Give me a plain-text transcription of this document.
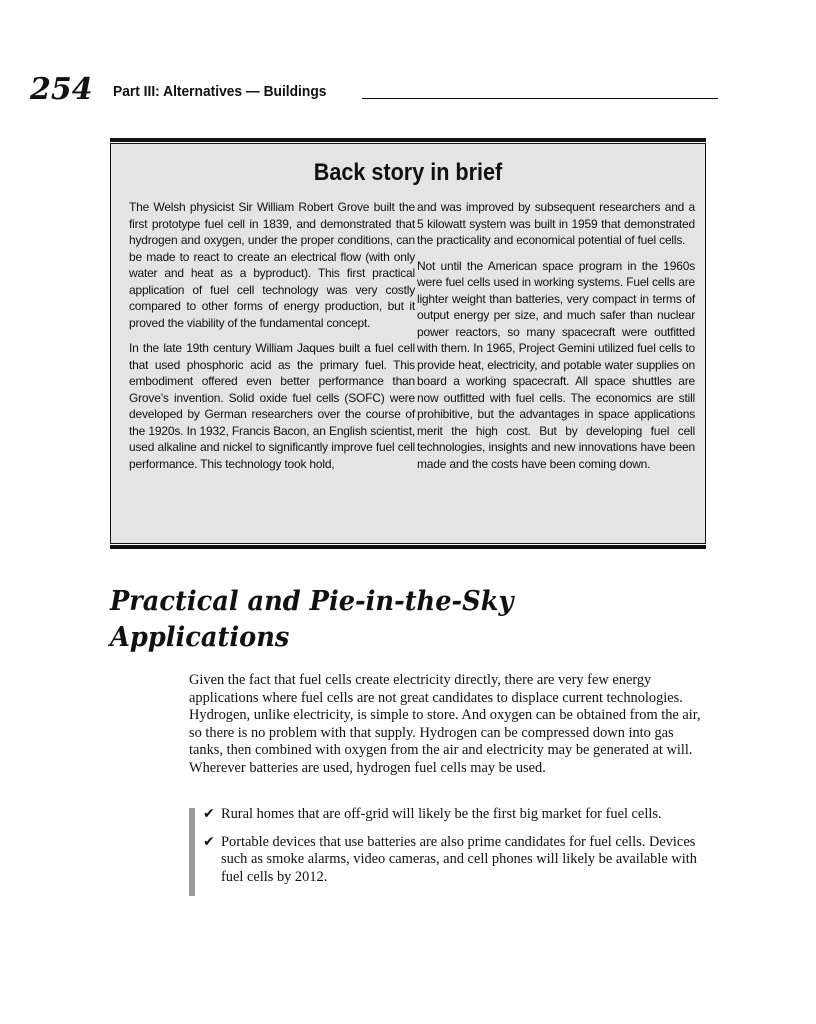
254 Part III: Alternatives — Buildings
Back story in brief

The Welsh physicist Sir William Robert Grove built the first prototype fuel cell in 1839, and demonstrated that hydrogen and oxygen, under the proper conditions, can be made to react to create an electrical flow (with only water and heat as a byproduct). This first practical application of fuel cell technology was very costly compared to other forms of energy production, but it proved the viability of the fundamental concept.

In the late 19th century William Jaques built a fuel cell that used phosphoric acid as the primary fuel. This embodiment offered even better performance than Grove’s invention. Solid oxide fuel cells (SOFC) were developed by German researchers over the course of the 1920s. In 1932, Francis Bacon, an English scientist, used alkaline and nickel to significantly improve fuel cell performance. This technology took hold,

and was improved by subsequent researchers and a 5 kilowatt system was built in 1959 that demonstrated the practicality and economical potential of fuel cells.

Not until the American space program in the 1960s were fuel cells used in working systems. Fuel cells are lighter weight than batteries, very compact in terms of output energy per size, and much safer than nuclear power reactors, so many spacecraft were outfitted with them. In 1965, Project Gemini utilized fuel cells to provide heat, electricity, and potable water supplies on board a working spacecraft. All space shuttles are now outfitted with fuel cells. The economics are still prohibitive, but the advantages in space applications merit the high cost. But by developing fuel cell technologies, insights and new innovations have been made and the costs have been coming down.

Practical and Pie-in-the-Sky
Applications

Given the fact that fuel cells create electricity directly, there are very few energy applications where fuel cells are not great candidates to displace current technologies. Hydrogen, unlike electricity, is simple to store. And oxygen can be obtained from the air, so there is no problem with that supply. Hydrogen can be compressed down into gas tanks, then combined with oxygen from the air and electricity may be generated at will. Wherever batteries are used, hydrogen fuel cells may be used.

✔ Rural homes that are off-grid will likely be the first big market for fuel cells.
✔ Portable devices that use batteries are also prime candidates for fuel cells. Devices such as smoke alarms, video cameras, and cell phones will likely be available with fuel cells by 2012.
